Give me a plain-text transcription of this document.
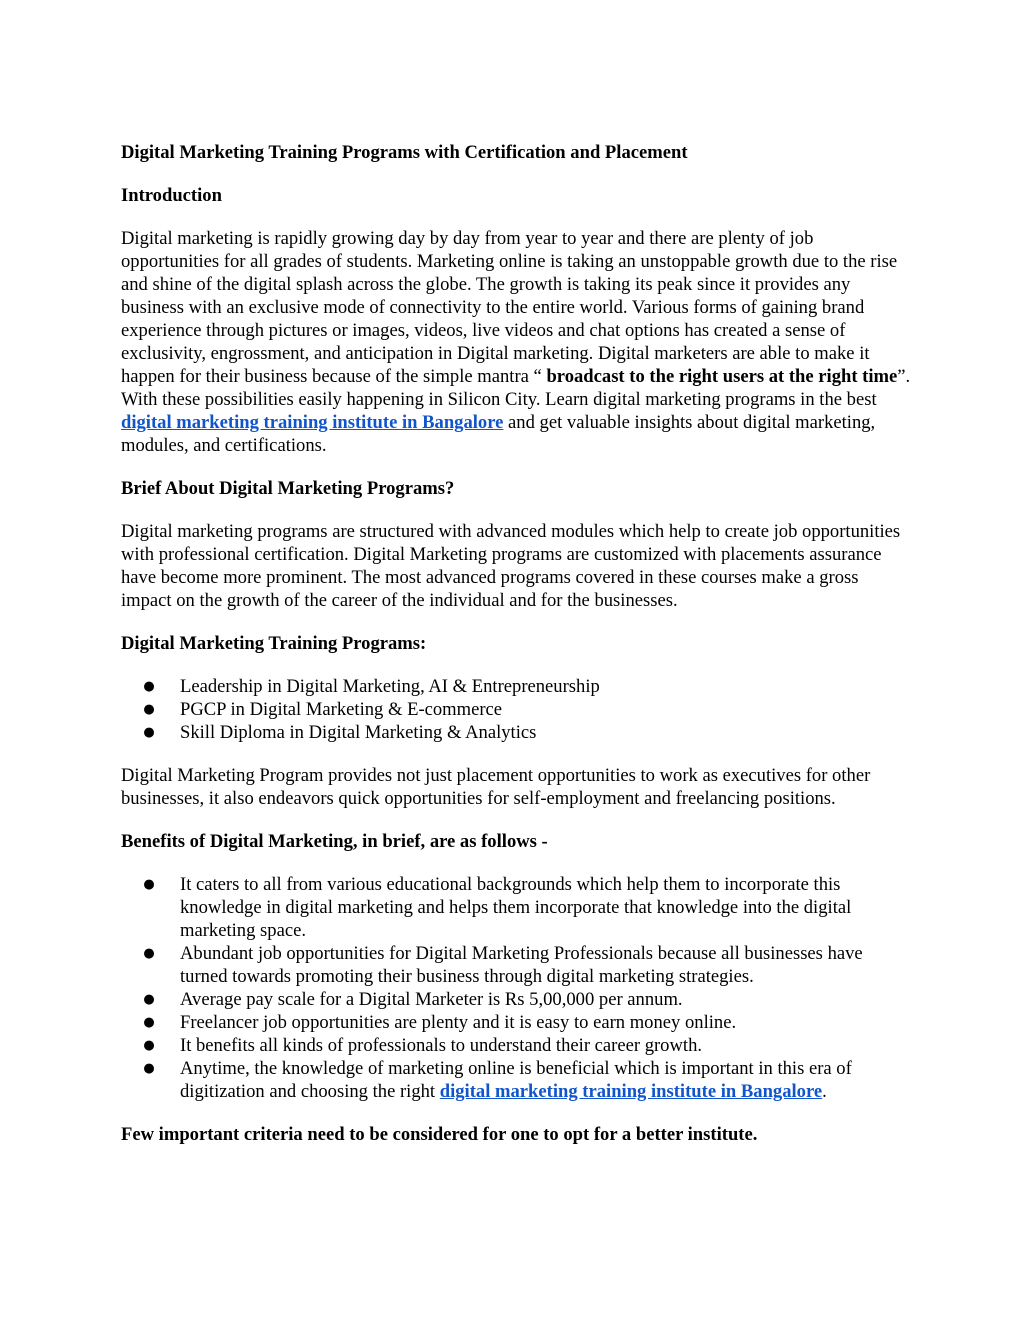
Digital Marketing Training Programs with Certification and Placement
Introduction

Digital marketing is rapidly growing day by day from year to year and there are plenty of job opportunities for all grades of students. Marketing online is taking an unstoppable growth due to the rise and shine of the digital splash across the globe. The growth is taking its peak since it provides any business with an exclusive mode of connectivity to the entire world. Various forms of gaining brand experience through pictures or images, videos, live videos and chat options has created a sense of exclusivity, engrossment, and anticipation in Digital marketing. Digital marketers are able to make it happen for their business because of the simple mantra “ broadcast to the right users at the right time”. With these possibilities easily happening in Silicon City. Learn digital marketing programs in the best digital marketing training institute in Bangalore and get valuable insights about digital marketing, modules, and certifications.

Brief About Digital Marketing Programs?

Digital marketing programs are structured with advanced modules which help to create job opportunities with professional certification. Digital Marketing programs are customized with placements assurance have become more prominent. The most advanced programs covered in these courses make a gross impact on the growth of the career of the individual and for the businesses.

Digital Marketing Training Programs:
● Leadership in Digital Marketing, AI & Entrepreneurship
● PGCP in Digital Marketing & E-commerce
● Skill Diploma in Digital Marketing & Analytics

Digital Marketing Program provides not just placement opportunities to work as executives for other businesses, it also endeavors quick opportunities for self-employment and freelancing positions.

Benefits of Digital Marketing, in brief, are as follows -
● It caters to all from various educational backgrounds which help them to incorporate this knowledge in digital marketing and helps them incorporate that knowledge into the digital marketing space.
● Abundant job opportunities for Digital Marketing Professionals because all businesses have turned towards promoting their business through digital marketing strategies.
● Average pay scale for a Digital Marketer is Rs 5,00,000 per annum.
● Freelancer job opportunities are plenty and it is easy to earn money online.
● It benefits all kinds of professionals to understand their career growth.
● Anytime, the knowledge of marketing online is beneficial which is important in this era of digitization and choosing the right digital marketing training institute in Bangalore.
Few important criteria need to be considered for one to opt for a better institute.
